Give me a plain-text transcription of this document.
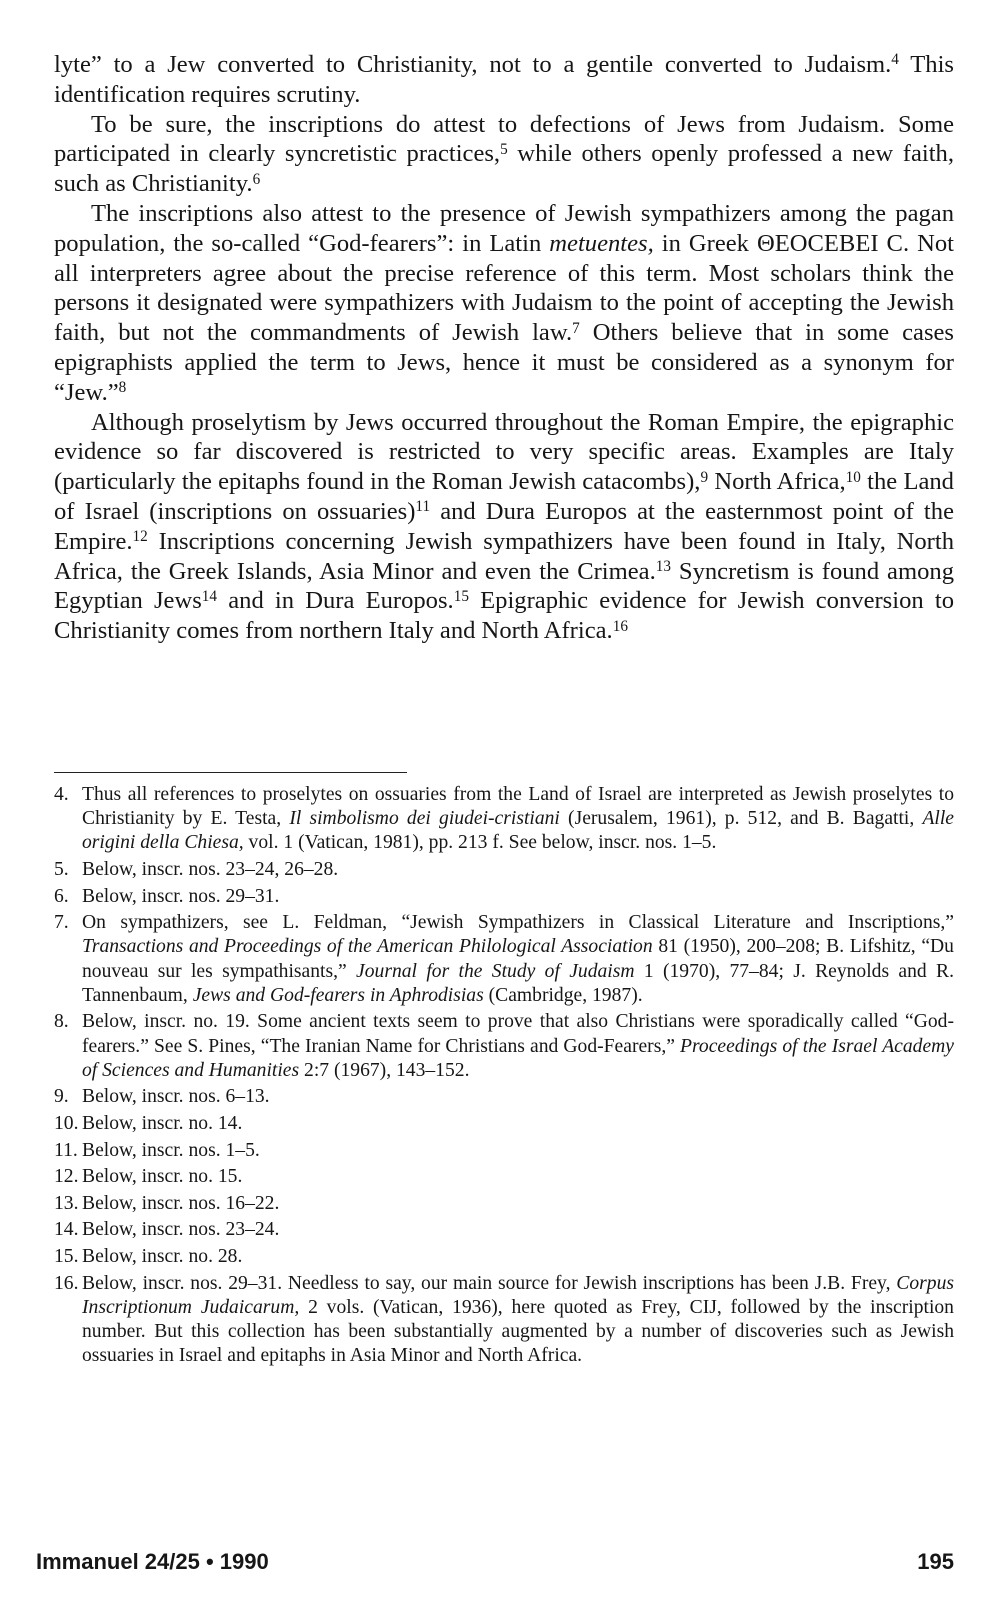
lyte” to a Jew converted to Christianity, not to a gentile converted to Judaism.$^4$ This identification requires scrutiny.

To be sure, the inscriptions do attest to defections of Jews from Judaism. Some participated in clearly syncretistic practices,$^5$ while others openly professed a new faith, such as Christianity.$^6$

The inscriptions also attest to the presence of Jewish sympathizers among the pagan population, the so-called “God-fearers”: in Latin metuentes, in Greek ΘΕOCEBEI C. Not all interpreters agree about the precise reference of this term. Most scholars think the persons it designated were sympathizers with Judaism to the point of accepting the Jewish faith, but not the commandments of Jewish law.$^7$ Others believe that in some cases epigraphists applied the term to Jews, hence it must be considered as a synonym for “Jew.”$^8$

Although proselytism by Jews occurred throughout the Roman Empire, the epigraphic evidence so far discovered is restricted to very specific areas. Examples are Italy (particularly the epitaphs found in the Roman Jewish catacombs),$^9$ North Africa,$^{10}$ the Land of Israel (inscriptions on ossuaries)$^{11}$ and Dura Europos at the easternmost point of the Empire.$^{12}$ Inscriptions concerning Jewish sympathizers have been found in Italy, North Africa, the Greek Islands, Asia Minor and even the Crimea.$^{13}$ Syncretism is found among Egyptian Jews$^{14}$ and in Dura Europos.$^{15}$ Epigraphic evidence for Jewish conversion to Christianity comes from northern Italy and North Africa.$^{16}$

4. Thus all references to proselytes on ossuaries from the Land of Israel are interpreted as Jewish proselytes to Christianity by E. Testa, Il simbolismo dei giudei-cristiani (Jerusalem, 1961), p. 512, and B. Bagatti, Alle origini della Chiesa, vol. 1 (Vatican, 1981), pp. 213 f. See below, inscr. nos. 1–5.
5. Below, inscr. nos. 23–24, 26–28.
6. Below, inscr. nos. 29–31.
7. On sympathizers, see L. Feldman, “Jewish Sympathizers in Classical Literature and Inscriptions,” Transactions and Proceedings of the American Philological Association 81 (1950), 200–208; B. Lifshitz, “Du nouveau sur les sympathisants,” Journal for the Study of Judaism 1 (1970), 77–84; J. Reynolds and R. Tannenbaum, Jews and God-fearers in Aphrodisias (Cambridge, 1987).
8. Below, inscr. no. 19. Some ancient texts seem to prove that also Christians were sporadically called “God-fearers.” See S. Pines, “The Iranian Name for Christians and God-Fearers,” Proceedings of the Israel Academy of Sciences and Humanities 2:7 (1967), 143–152.
9. Below, inscr. nos. 6–13.
10. Below, inscr. no. 14.
11. Below, inscr. nos. 1–5.
12. Below, inscr. no. 15.
13. Below, inscr. nos. 16–22.
14. Below, inscr. nos. 23–24.
15. Below, inscr. no. 28.
16. Below, inscr. nos. 29–31. Needless to say, our main source for Jewish inscriptions has been J.B. Frey, Corpus Inscriptionum Judaicarum, 2 vols. (Vatican, 1936), here quoted as Frey, CIJ, followed by the inscription number. But this collection has been substantially augmented by a number of discoveries such as Jewish ossuaries in Israel and epitaphs in Asia Minor and North Africa.
Immanuel 24/25 • 1990	195
